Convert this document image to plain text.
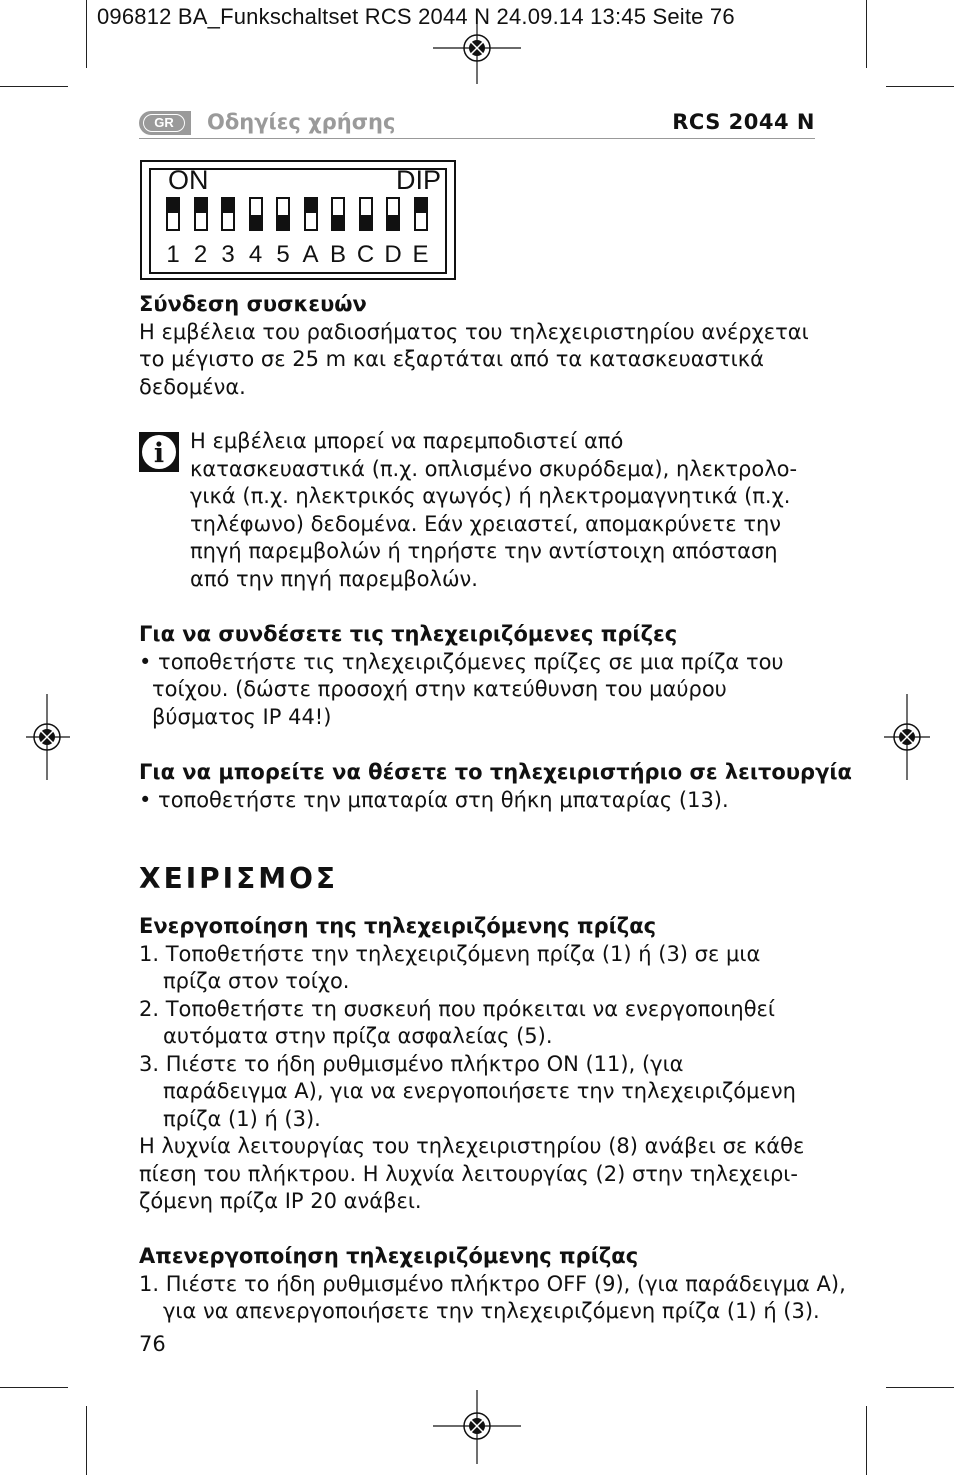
096812 BA_Funkschaltset RCS 2044 N 24.09.14 13:45 Seite 76
GR	Οδηγίες χρήσης	RCS 2044 N
ON	DIP
1 2 3 4 5 A B C D E
Σύνδεση συσκευών
Η εμβέλεια του ραδιοσήματος του τηλεχειριστηρίου ανέρχεται
το μέγιστο σε 25 m και εξαρτάται από τα κατασκευαστικά
δεδομένα.
i	Η εμβέλεια μπορεί να παρεμποδιστεί από
κατασκευαστικά (π.χ. οπλισμένο σκυρόδεμα), ηλεκτρολο-
γικά (π.χ. ηλεκτρικός αγωγός) ή ηλεκτρομαγνητικά (π.χ.
τηλέφωνο) δεδομένα. Εάν χρειαστεί, απομακρύνετε την
πηγή παρεμβολών ή τηρήστε την αντίστοιχη απόσταση
από την πηγή παρεμβολών.
Για να συνδέσετε τις τηλεχειριζόμενες πρίζες
• τοποθετήστε τις τηλεχειριζόμενες πρίζες σε μια πρίζα του
τοίχου. (δώστε προσοχή στην κατεύθυνση του μαύρου
βύσματος IP 44!)
Για να μπορείτε να θέσετε το τηλεχειριστήριο σε λειτουργία
• τοποθετήστε την μπαταρία στη θήκη μπαταρίας (13).
ΧΕΙΡΙΣΜΟΣ
Ενεργοποίηση της τηλεχειριζόμενης πρίζας
1. Τοποθετήστε την τηλεχειριζόμενη πρίζα (1) ή (3) σε μια
πρίζα στον τοίχο.
2. Τοποθετήστε τη συσκευή που πρόκειται να ενεργοποιηθεί
αυτόματα στην πρίζα ασφαλείας (5).
3. Πιέστε το ήδη ρυθμισμένο πλήκτρο ON (11), (για
παράδειγμα A), για να ενεργοποιήσετε την τηλεχειριζόμενη
πρίζα (1) ή (3).
Η λυχνία λειτουργίας του τηλεχειριστηρίου (8) ανάβει σε κάθε
πίεση του πλήκτρου. Η λυχνία λειτουργίας (2) στην τηλεχειρι-
ζόμενη πρίζα IP 20 ανάβει.
Απενεργοποίηση τηλεχειριζόμενης πρίζας
1. Πιέστε το ήδη ρυθμισμένο πλήκτρο OFF (9), (για παράδειγμα A),
για να απενεργοποιήσετε την τηλεχειριζόμενη πρίζα (1) ή (3).
76
